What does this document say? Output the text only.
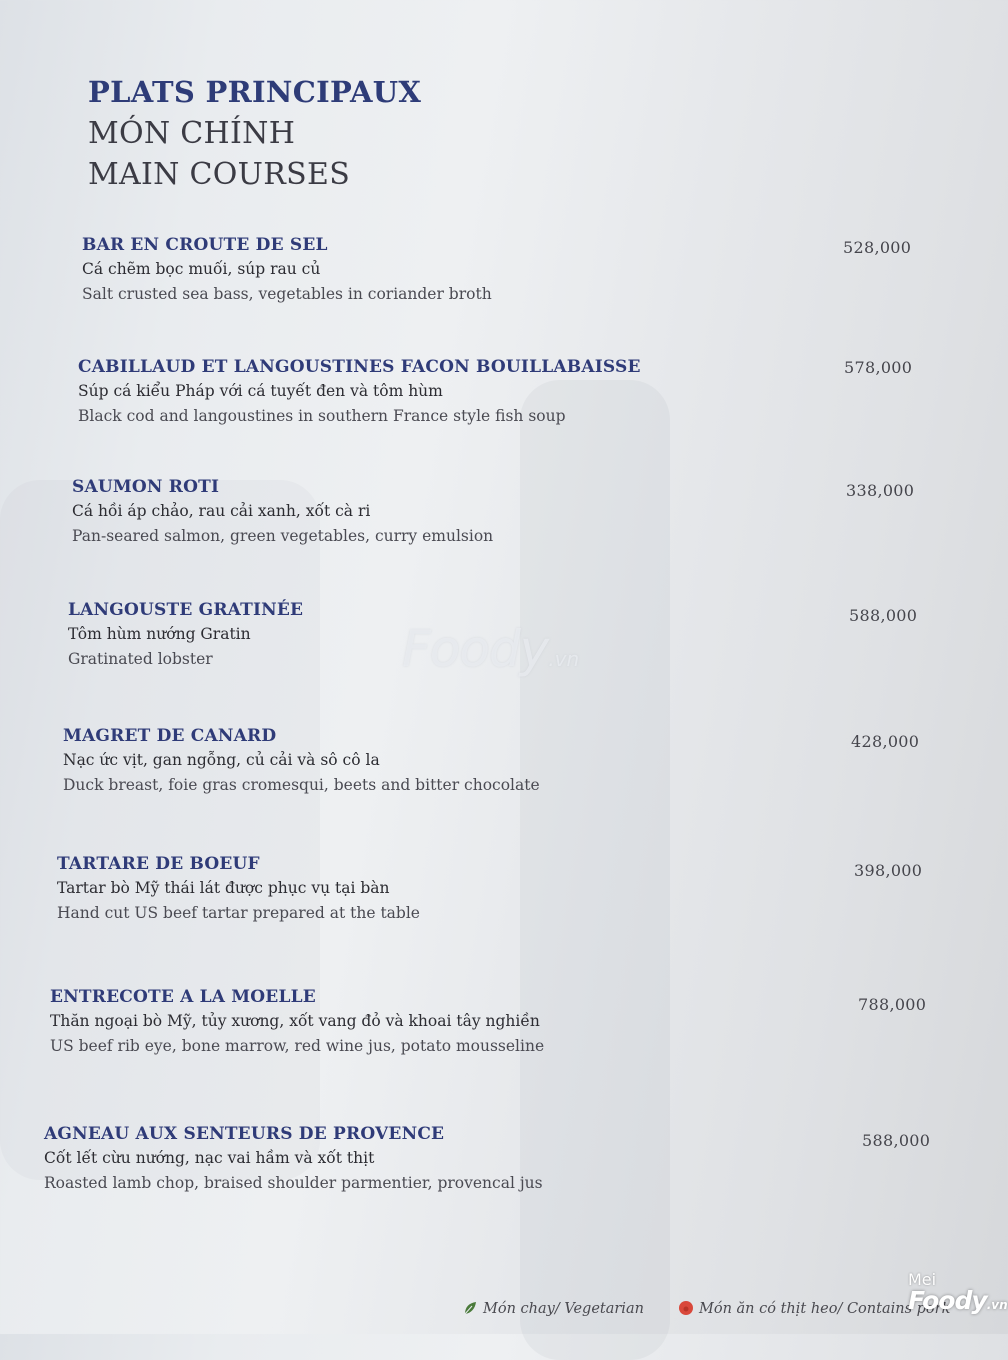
PLATS PRINCIPAUX
MÓN CHÍNH
MAIN COURSES
BAR EN CROUTE DE SEL
Cá chẽm bọc muối, súp rau củ
Salt crusted sea bass, vegetables in coriander broth
528,000
CABILLAUD ET LANGOUSTINES FACON BOUILLABAISSE
Súp cá kiểu Pháp với cá tuyết đen và tôm hùm
Black cod and langoustines in southern France style fish soup
578,000
SAUMON ROTI
Cá hồi áp chảo, rau cải xanh, xốt cà ri
Pan-seared salmon, green vegetables, curry emulsion
338,000
LANGOUSTE GRATINÉE
Tôm hùm nướng Gratin
Gratinated lobster
588,000
MAGRET DE CANARD
Nạc ức vịt, gan ngỗng, củ cải và sô cô la
Duck breast, foie gras cromesqui, beets and bitter chocolate
428,000
TARTARE DE BOEUF
Tartar bò Mỹ thái lát được phục vụ tại bàn
Hand cut US beef tartar prepared at the table
398,000
ENTRECOTE A LA MOELLE
Thăn ngoại bò Mỹ, tủy xương, xốt vang đỏ và khoai tây nghiền
US beef rib eye, bone marrow, red wine jus, potato mousseline
788,000
AGNEAU AUX SENTEURS DE PROVENCE
Cốt lết cừu nướng, nạc vai hầm và xốt thịt
Roasted lamb chop, braised shoulder parmentier, provencal jus
588,000
Foody.vn
Món chay/ Vegetarian	Món ăn có thịt heo/ Contains pork
Mei
Foody.vn
